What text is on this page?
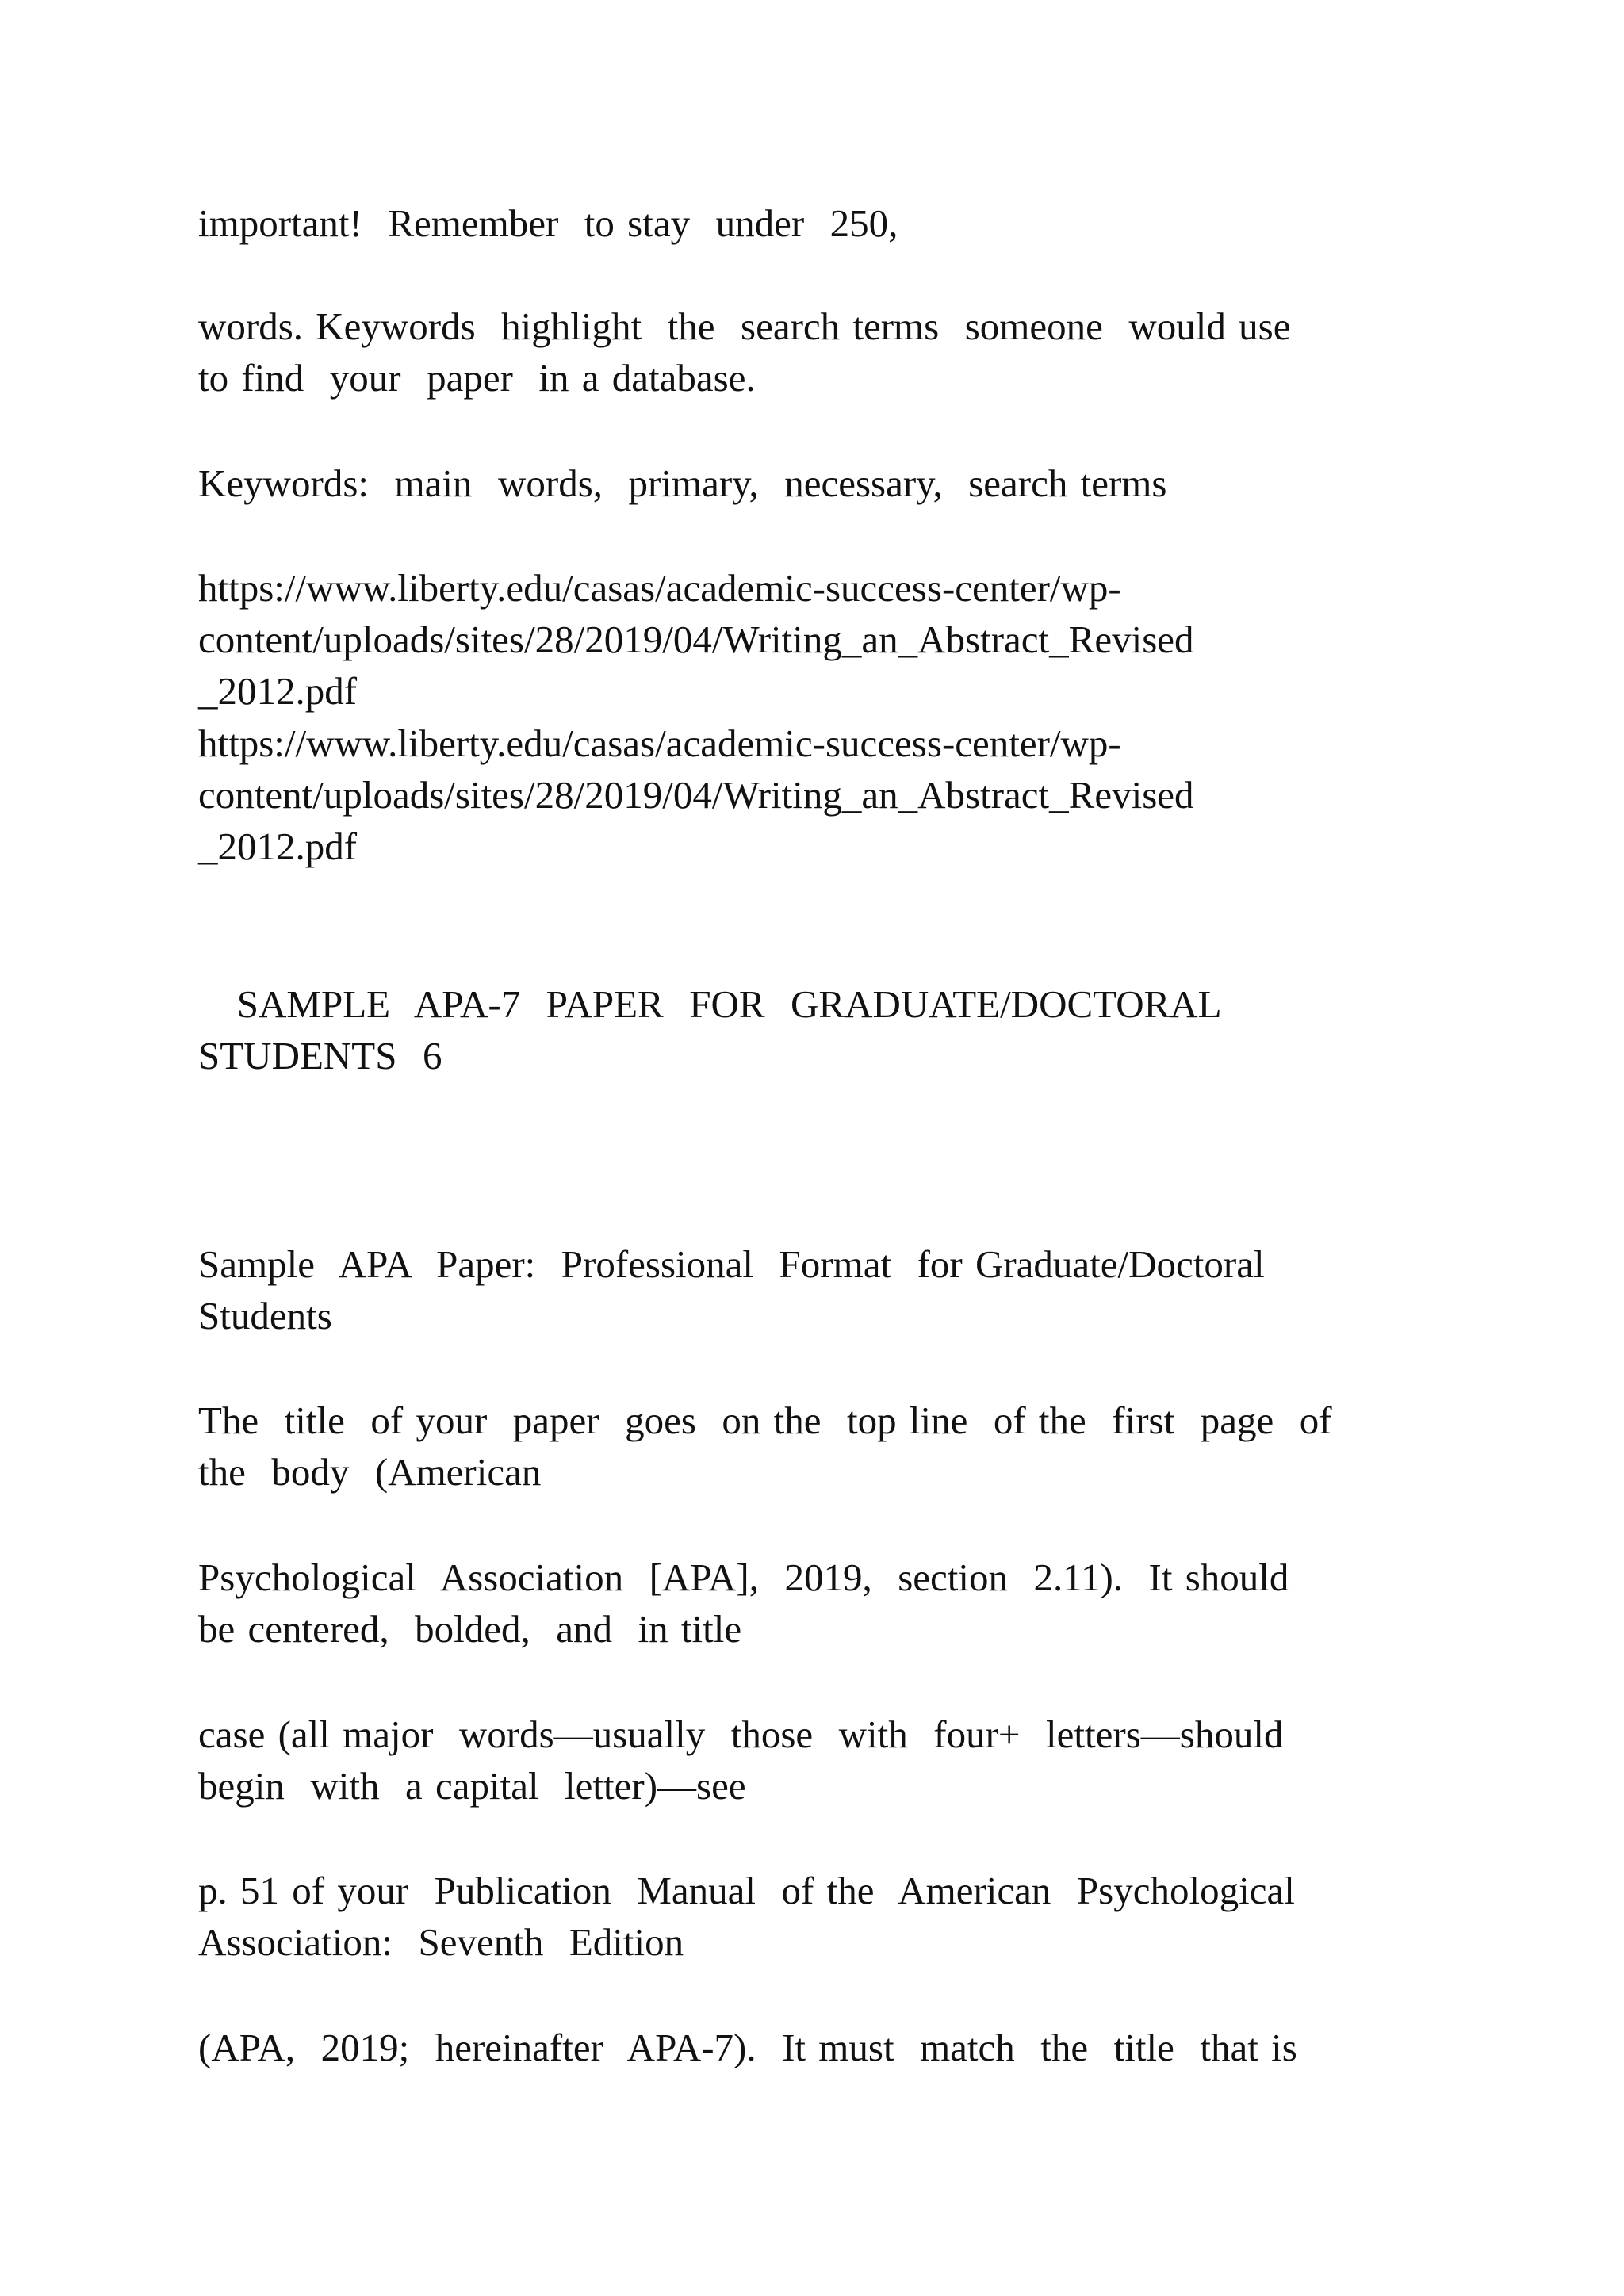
important!  Remember  to stay  under  250,

words. Keywords  highlight  the  search terms  someone  would use

to find  your  paper  in a database.

Keywords:  main  words,  primary,  necessary,  search terms

https://www.liberty.edu/casas/academic-success-center/wp-

content/uploads/sites/28/2019/04/Writing_an_Abstract_Revised

_2012.pdf

https://www.liberty.edu/casas/academic-success-center/wp-

content/uploads/sites/28/2019/04/Writing_an_Abstract_Revised

_2012.pdf

SAMPLE  APA-7  PAPER  FOR  GRADUATE/DOCTORAL

STUDENTS  6

Sample  APA  Paper:  Professional  Format  for Graduate/Doctoral

Students

The  title  of your  paper  goes  on the  top line  of the  first  page  of

the  body  (American

Psychological  Association  [APA],  2019,  section  2.11).  It should

be centered,  bolded,  and  in title

case (all major  words—usually  those  with  four+  letters—should

begin  with  a capital  letter)—see

p. 51 of your  Publication  Manual  of the  American  Psychological

Association:  Seventh  Edition

(APA,  2019;  hereinafter  APA-7).  It must  match  the  title  that is
